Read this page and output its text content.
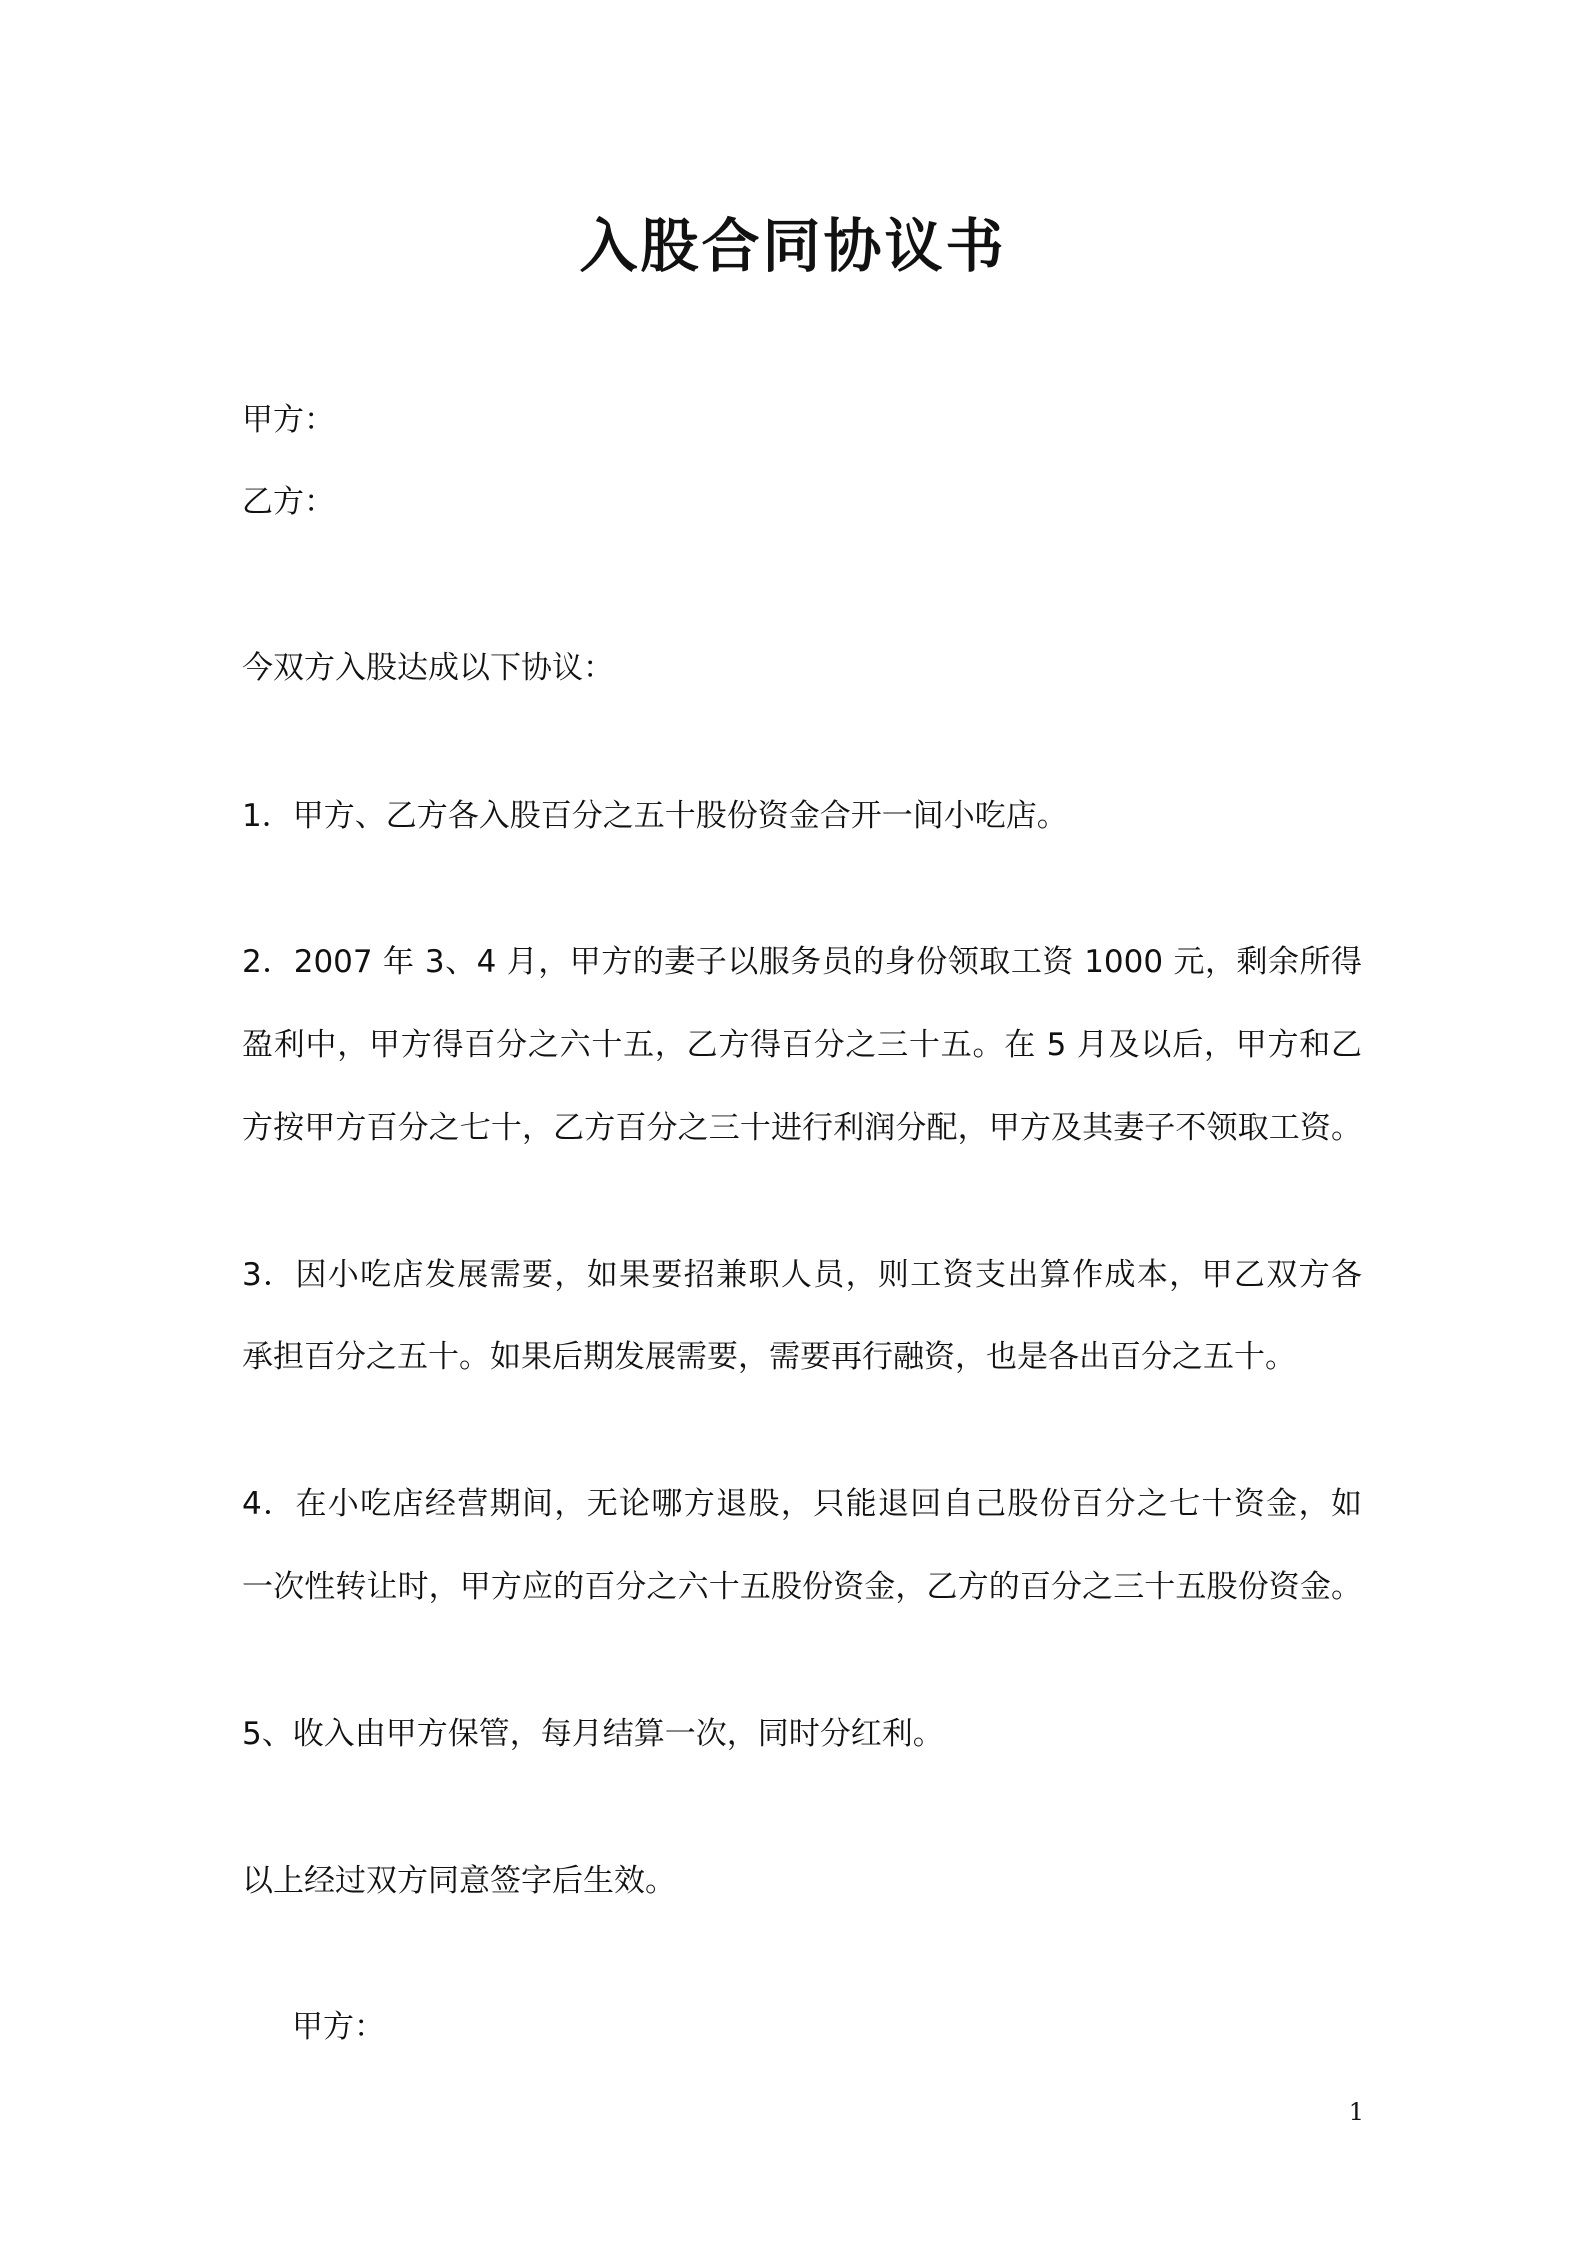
入股合同协议书
甲方：
乙方：
今双方入股达成以下协议：
1．甲方、乙方各入股百分之五十股份资金合开一间小吃店。
2．2007 年 3、4 月，甲方的妻子以服务员的身份领取工资 1000 元，剩余所得
盈利中，甲方得百分之六十五，乙方得百分之三十五。在 5 月及以后，甲方和乙
方按甲方百分之七十，乙方百分之三十进行利润分配，甲方及其妻子不领取工资。
3．因小吃店发展需要，如果要招兼职人员，则工资支出算作成本，甲乙双方各
承担百分之五十。如果后期发展需要，需要再行融资，也是各出百分之五十。
4．在小吃店经营期间，无论哪方退股，只能退回自己股份百分之七十资金，如
一次性转让时，甲方应的百分之六十五股份资金，乙方的百分之三十五股份资金。
5、收入由甲方保管，每月结算一次，同时分红利。
以上经过双方同意签字后生效。
甲方：
1
